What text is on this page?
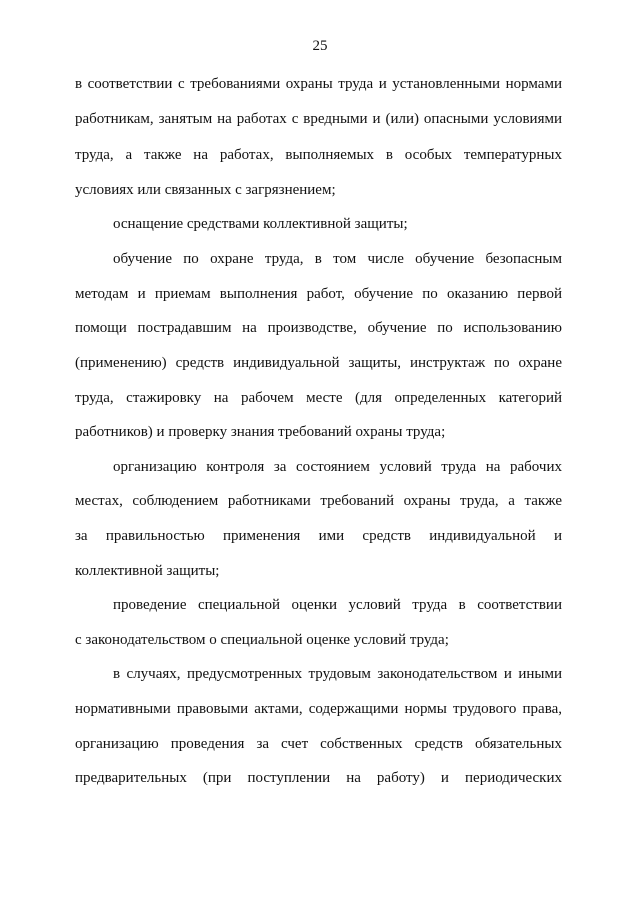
25
в соответствии с требованиями охраны труда и установленными нормами
работникам, занятым на работах с вредными и (или) опасными условиями
труда, а также на работах, выполняемых в особых температурных
условиях или связанных с загрязнением;
оснащение средствами коллективной защиты;
обучение по охране труда, в том числе обучение безопасным
методам и приемам выполнения работ, обучение по оказанию первой
помощи пострадавшим на производстве, обучение по использованию
(применению) средств индивидуальной защиты, инструктаж по охране
труда, стажировку на рабочем месте (для определенных категорий
работников) и проверку знания требований охраны труда;
организацию контроля за состоянием условий труда на рабочих
местах, соблюдением работниками требований охраны труда, а также
за правильностью применения ими средств индивидуальной и
коллективной защиты;
проведение специальной оценки условий труда в соответствии
с законодательством о специальной оценке условий труда;
в случаях, предусмотренных трудовым законодательством и иными
нормативными правовыми актами, содержащими нормы трудового права,
организацию проведения за счет собственных средств обязательных
предварительных (при поступлении на работу) и периодических
